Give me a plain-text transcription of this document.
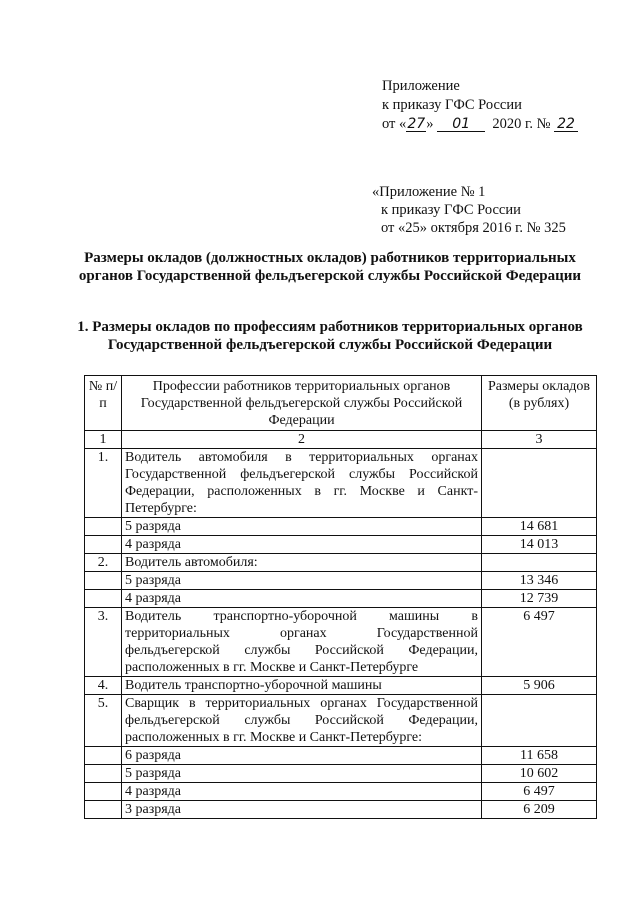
Приложение
к приказу ГФС России
от «27» 01 2020 г. № 22
«Приложение № 1
к приказу ГФС России
от «25» октября 2016 г. № 325
Размеры окладов (должностных окладов) работников территориальных
органов Государственной фельдъегерской службы Российской Федерации
1. Размеры окладов по профессиям работников территориальных органов
Государственной фельдъегерской службы Российской Федерации
№ п/п	Профессии работников территориальных органов Государственной фельдъегерской службы Российской Федерации	Размеры окладов (в рублях)
1	2	3
1.	Водитель автомобиля в территориальных органах Государственной фельдъегерской службы Российской Федерации, расположенных в гг. Москве и Санкт-Петербурге:	
	5 разряда	14 681
	4 разряда	14 013
2.	Водитель автомобиля:	
	5 разряда	13 346
	4 разряда	12 739
3.	Водитель транспортно-уборочной машины в территориальных органах Государственной фельдъегерской службы Российской Федерации, расположенных в гг. Москве и Санкт-Петербурге	6 497
4.	Водитель транспортно-уборочной машины	5 906
5.	Сварщик в территориальных органах Государственной фельдъегерской службы Российской Федерации, расположенных в гг. Москве и Санкт-Петербурге:	
	6 разряда	11 658
	5 разряда	10 602
	4 разряда	6 497
	3 разряда	6 209
